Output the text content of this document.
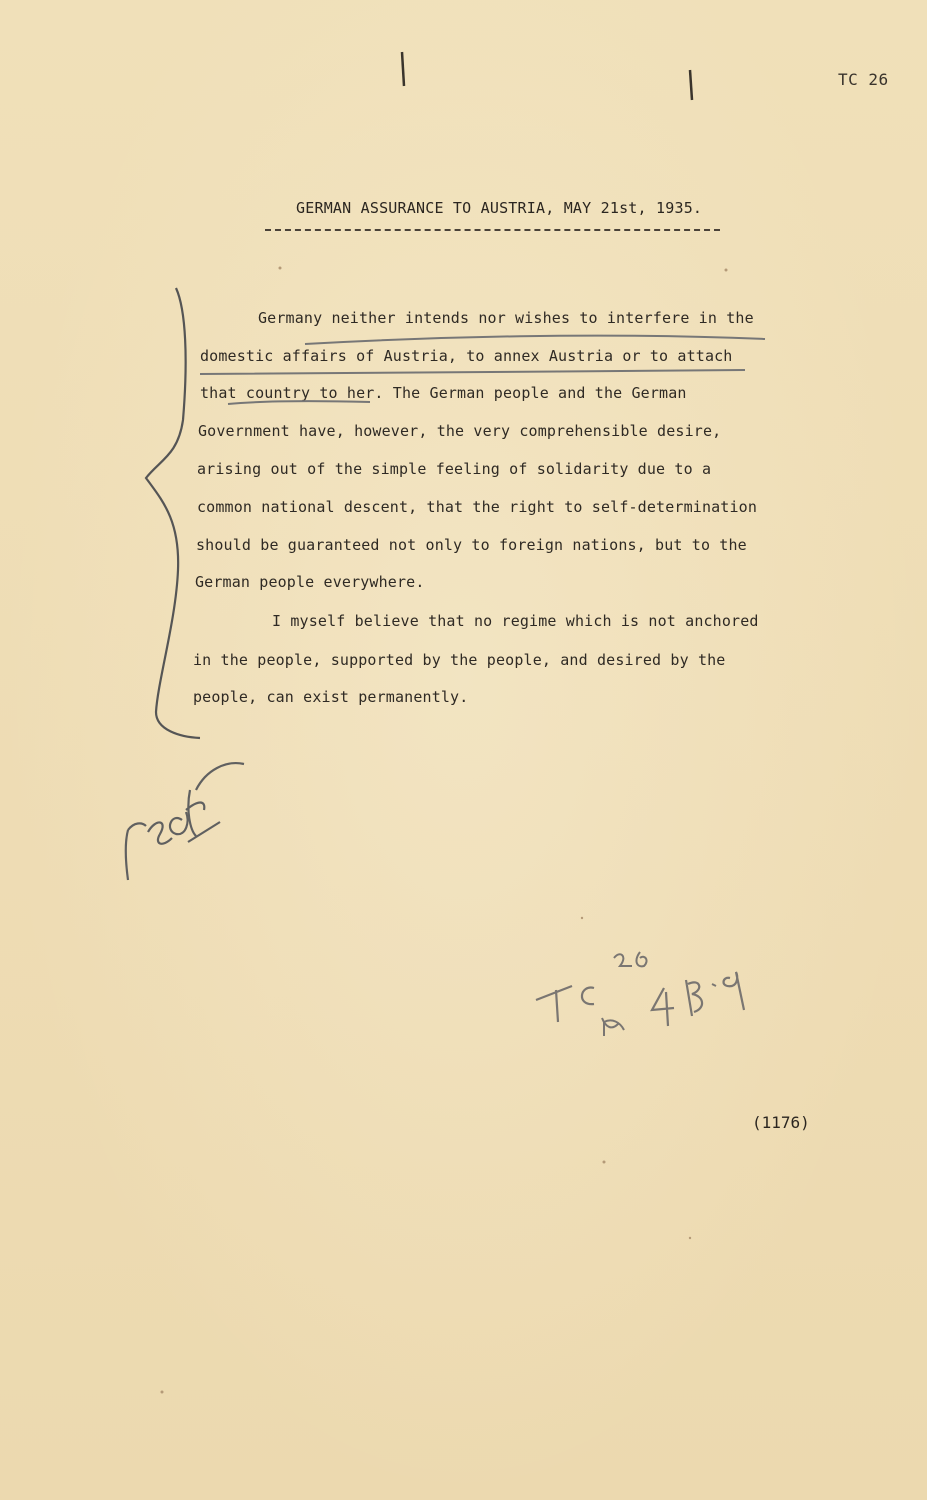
TC 26
GERMAN ASSURANCE TO AUSTRIA, MAY 21st, 1935.
Germany neither intends nor wishes to interfere in the
domestic affairs of Austria, to annex Austria or to attach
that country to her. The German people and the German
Government have, however, the very comprehensible desire,
arising out of the simple feeling of solidarity due to a
common national descent, that the right to self-determination
should be guaranteed not only to foreign nations, but to the
German people everywhere.
I myself believe that no regime which is not anchored
in the people, supported by the people, and desired by the
people, can exist permanently.
(1176)
